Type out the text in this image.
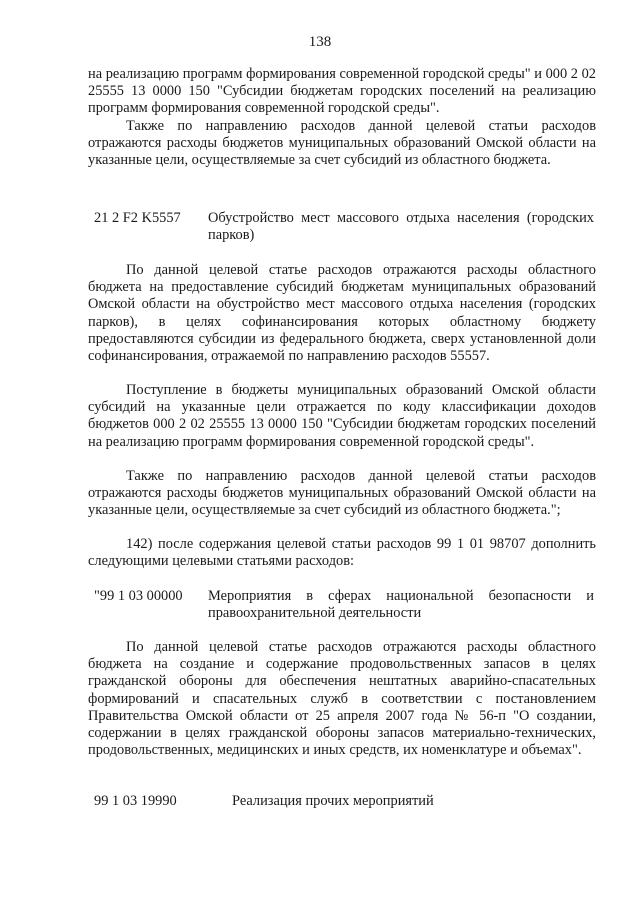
138
на реализацию программ формирования современной городской среды" и 000 2 02 25555 13 0000 150 "Субсидии бюджетам городских поселений на реализацию программ формирования современной городской среды".
Также по направлению расходов данной целевой статьи расходов отражаются расходы бюджетов муниципальных образований Омской области на указанные цели, осуществляемые за счет субсидий из областного бюджета.
21 2 F2 K5557 Обустройство мест массового отдыха населения (городских парков)
По данной целевой статье расходов отражаются расходы областного бюджета на предоставление субсидий бюджетам муниципальных образований Омской области на обустройство мест массового отдыха населения (городских парков), в целях софинансирования которых областному бюджету предоставляются субсидии из федерального бюджета, сверх установленной доли софинансирования, отражаемой по направлению расходов 55557.
Поступление в бюджеты муниципальных образований Омской области субсидий на указанные цели отражается по коду классификации доходов бюджетов 000 2 02 25555 13 0000 150 "Субсидии бюджетам городских поселений на реализацию программ формирования современной городской среды".
Также по направлению расходов данной целевой статьи расходов отражаются расходы бюджетов муниципальных образований Омской области на указанные цели, осуществляемые за счет субсидий из областного бюджета.";
142) после содержания целевой статьи расходов 99 1 01 98707 дополнить следующими целевыми статьями расходов:
"99 1 03 00000 Мероприятия в сферах национальной безопасности и правоохранительной деятельности
По данной целевой статье расходов отражаются расходы областного бюджета на создание и содержание продовольственных запасов в целях гражданской обороны для обеспечения нештатных аварийно-спасательных формирований и спасательных служб в соответствии с постановлением Правительства Омской области от 25 апреля 2007 года № 56-п "О создании, содержании в целях гражданской обороны запасов материально-технических, продовольственных, медицинских и иных средств, их номенклатуре и объемах".
99 1 03 19990	Реализация прочих мероприятий
